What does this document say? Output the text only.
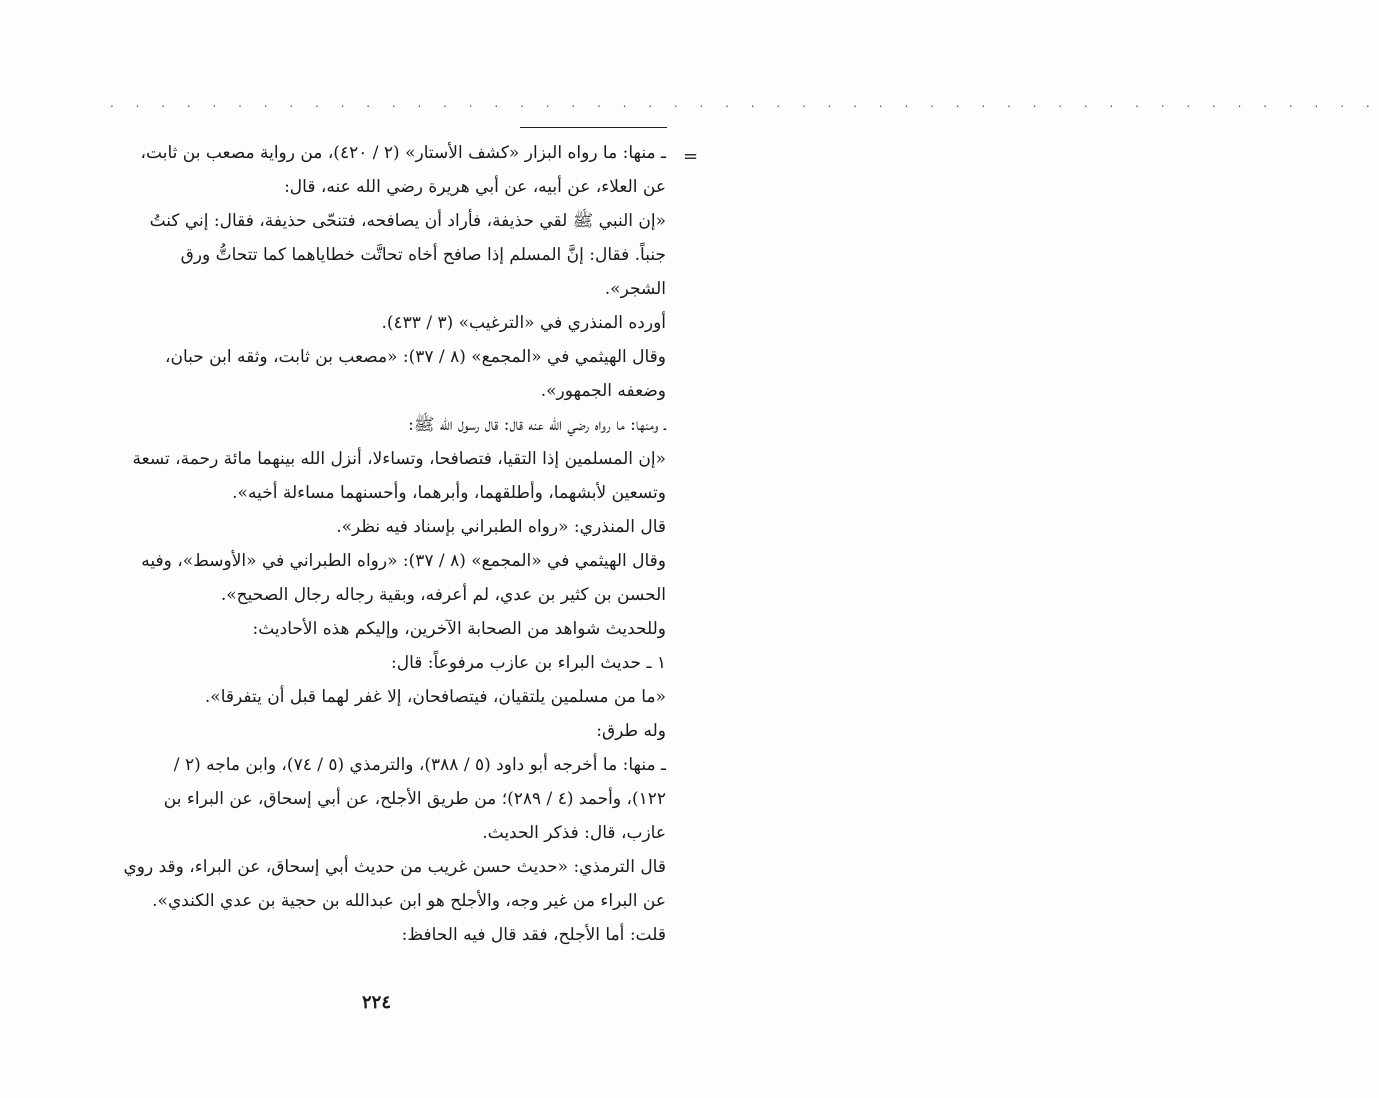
. . . . . . . . . . . . . . . . . . . . . . . . . . . . . . . . . . . . . . . . . . . . . . . . . .
=
ـ منها: ما رواه البزار «كشف الأستار» (٢ / ٤٢٠)، من رواية مصعب بن ثابت،
عن العلاء، عن أبيه، عن أبي هريرة رضي الله عنه، قال:
«إن النبي ﷺ لقي حذيفة، فأراد أن يصافحه، فتنحّى حذيفة، فقال: إني كنتُ
جنباً. فقال: إنَّ المسلم إذا صافح أخاه تحاتَّت خطاياهما كما تتحاتُّ ورق
الشجر».
أورده المنذري في «الترغيب» (٣ / ٤٣٣).
وقال الهيثمي في «المجمع» (٨ / ٣٧): «مصعب بن ثابت، وثقه ابن حبان،
وضعفه الجمهور».
ـ ومنها: ما رواه رضي الله عنه قال: قال رسول الله ﷺ:
«إن المسلمين إذا التقيا، فتصافحا، وتساءلا، أنزل الله بينهما مائة رحمة، تسعة
وتسعين لأبشهما، وأطلقهما، وأبرهما، وأحسنهما مساءلة أخيه».
قال المنذري: «رواه الطبراني بإسناد فيه نظر».
وقال الهيثمي في «المجمع» (٨ / ٣٧): «رواه الطبراني في «الأوسط»، وفيه
الحسن بن كثير بن عدي، لم أعرفه، وبقية رجاله رجال الصحيح».
وللحديث شواهد من الصحابة الآخرين، وإليكم هذه الأحاديث:
١ ـ حديث البراء بن عازب مرفوعاً: قال:
«ما من مسلمين يلتقيان، فيتصافحان، إلا غفر لهما قبل أن يتفرقا».
وله طرق:
ـ منها: ما أخرجه أبو داود (٥ / ٣٨٨)، والترمذي (٥ / ٧٤)، وابن ماجه (٢ /
١٢٢)، وأحمد (٤ / ٢٨٩)؛ من طريق الأجلح، عن أبي إسحاق، عن البراء بن
عازب، قال: فذكر الحديث.
قال الترمذي: «حديث حسن غريب من حديث أبي إسحاق، عن البراء، وقد روي
عن البراء من غير وجه، والأجلح هو ابن عبدالله بن حجية بن عدي الكندي».
قلت: أما الأجلح، فقد قال فيه الحافظ:
٢٢٤
